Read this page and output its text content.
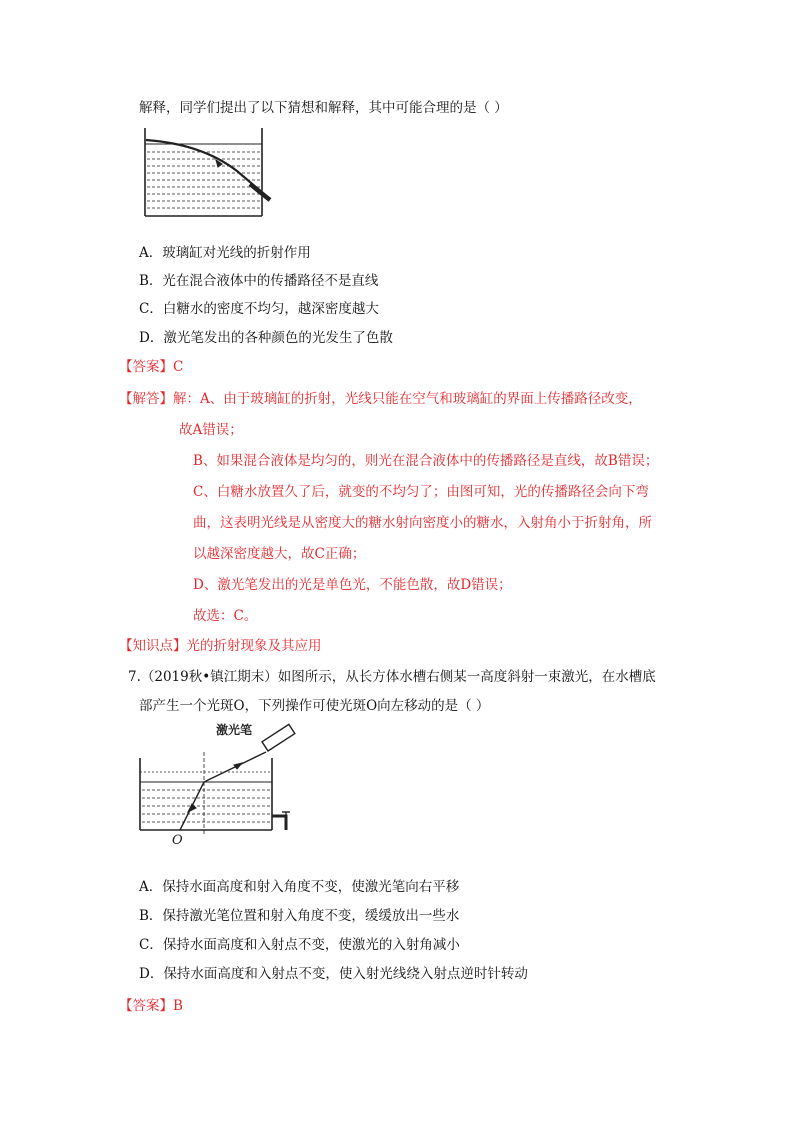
解释，同学们提出了以下猜想和解释，其中可能合理的是（ ）
A．玻璃缸对光线的折射作用
B．光在混合液体中的传播路径不是直线
C．白糖水的密度不均匀，越深密度越大
D．激光笔发出的各种颜色的光发生了色散
【答案】C
【解答】解：A、由于玻璃缸的折射，光线只能在空气和玻璃缸的界面上传播路径改变，
故A错误；
B、如果混合液体是均匀的，则光在混合液体中的传播路径是直线，故B错误；
C、白糖水放置久了后，就变的不均匀了；由图可知，光的传播路径会向下弯
曲，这表明光线是从密度大的糖水射向密度小的糖水，入射角小于折射角，所
以越深密度越大，故C正确；
D、激光笔发出的光是单色光，不能色散，故D错误；
故选：C。
【知识点】光的折射现象及其应用
7.（2019秋•镇江期末）如图所示，从长方体水槽右侧某一高度斜射一束激光，在水槽底
部产生一个光斑O，下列操作可使光斑O向左移动的是（ ）
激光笔
O
A．保持水面高度和射入角度不变，使激光笔向右平移
B．保持激光笔位置和射入角度不变，缓缓放出一些水
C．保持水面高度和入射点不变，使激光的入射角减小
D．保持水面高度和入射点不变，使入射光线绕入射点逆时针转动
【答案】B
